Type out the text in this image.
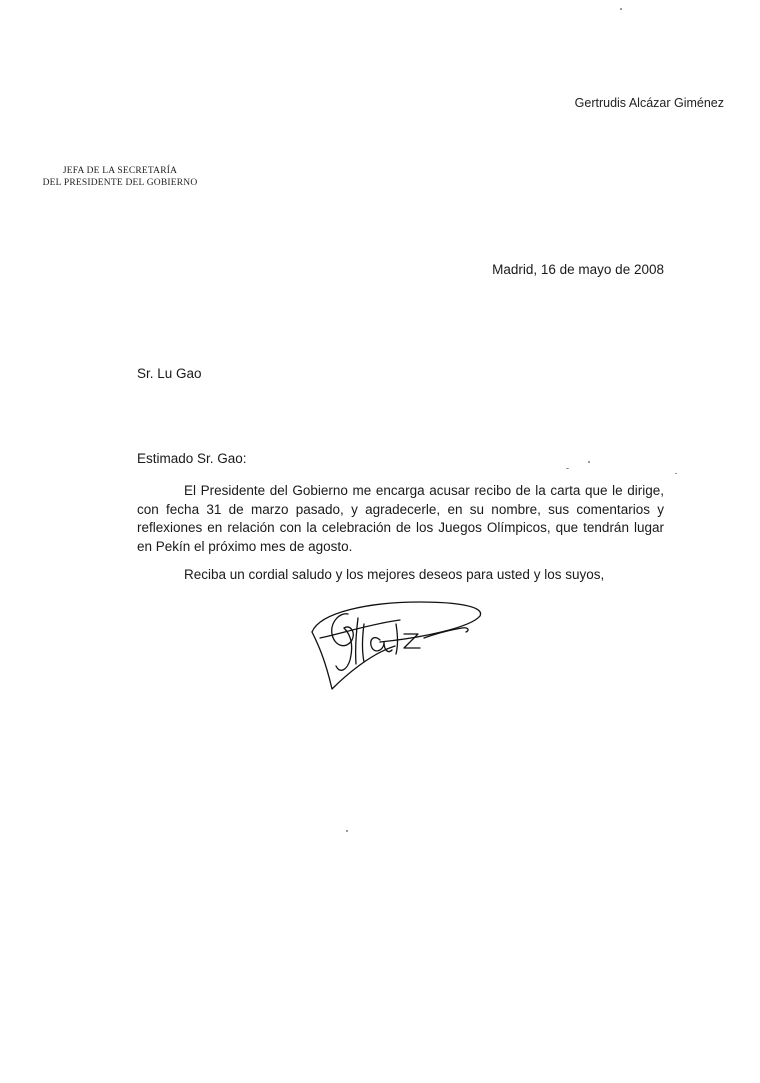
Gertrudis Alcázar Giménez
JEFA DE LA SECRETARÍA
DEL PRESIDENTE DEL GOBIERNO
Madrid, 16 de mayo de 2008
Sr. Lu Gao
Estimado Sr. Gao:

El Presidente del Gobierno me encarga acusar recibo de la carta que le dirige, con fecha 31 de marzo pasado, y agradecerle, en su nombre, sus comentarios y reflexiones en relación con la celebración de los Juegos Olímpicos, que tendrán lugar en Pekín el próximo mes de agosto.

Reciba un cordial saludo y los mejores deseos para usted y los suyos,
